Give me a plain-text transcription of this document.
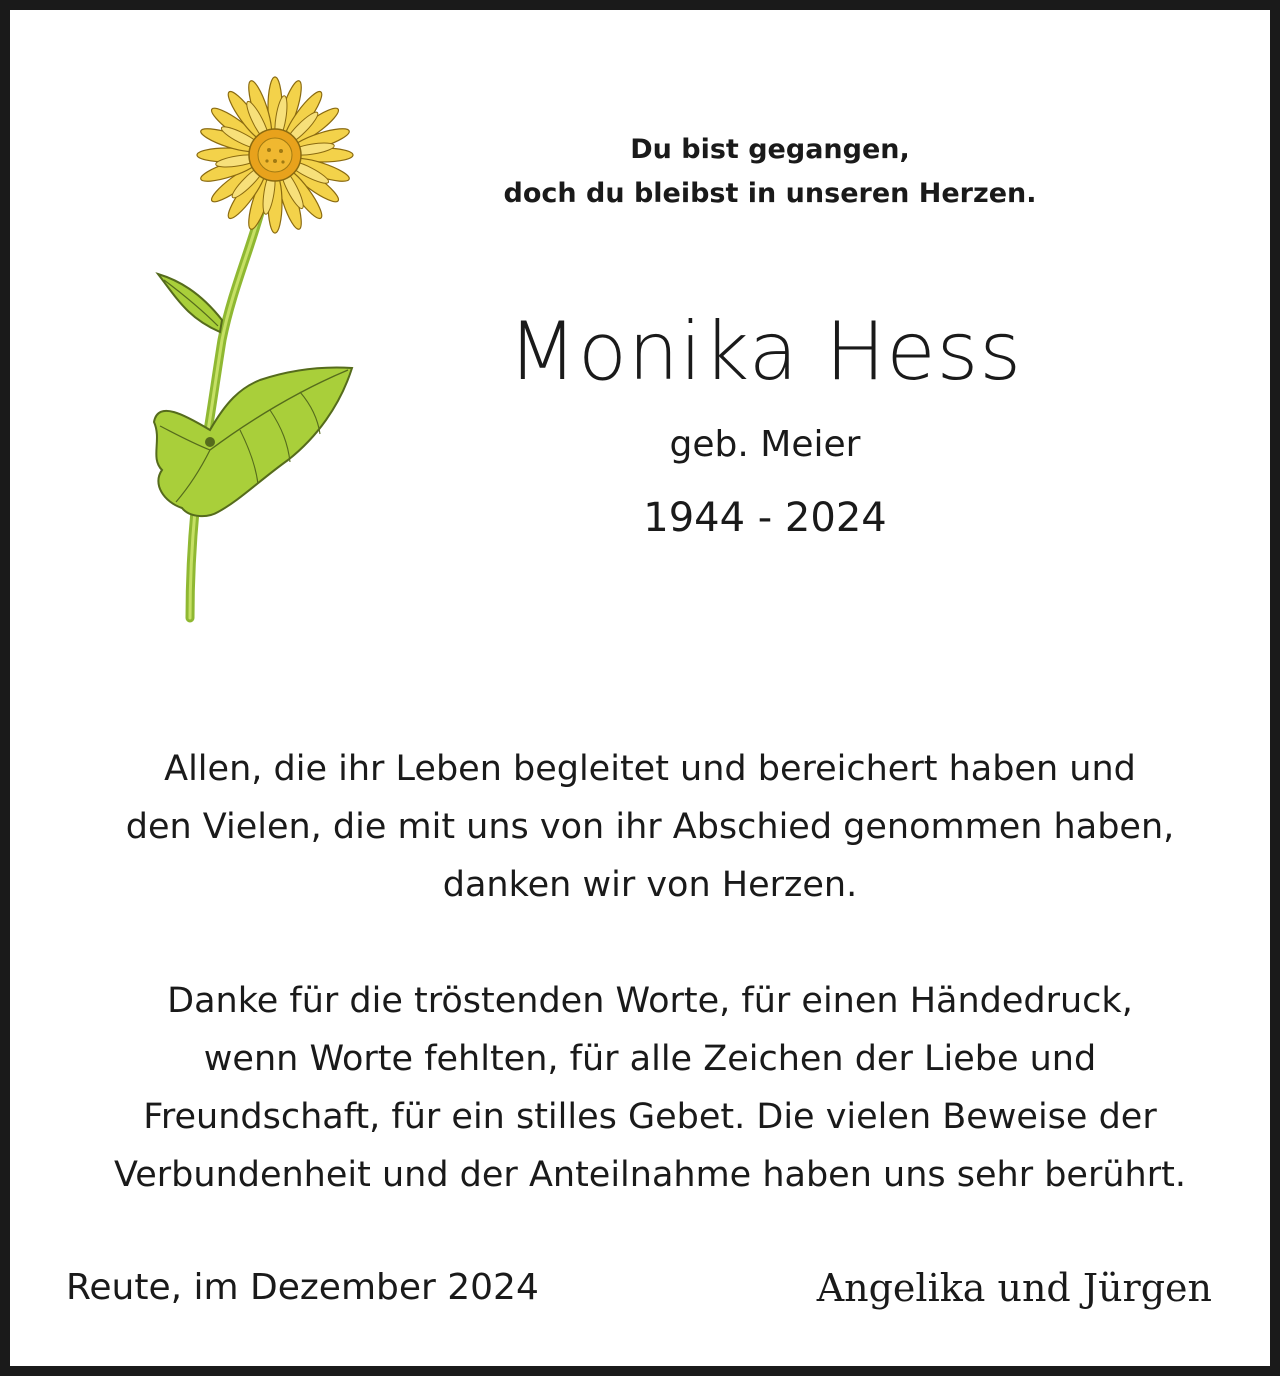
Du bist gegangen,
doch du bleibst in unseren Herzen.
Monika Hess
geb. Meier
1944 - 2024
Allen, die ihr Leben begleitet und bereichert haben und
den Vielen, die mit uns von ihr Abschied genommen haben,
danken wir von Herzen.
Danke für die tröstenden Worte, für einen Händedruck,
wenn Worte fehlten, für alle Zeichen der Liebe und
Freundschaft, für ein stilles Gebet. Die vielen Beweise der
Verbundenheit und der Anteilnahme haben uns sehr berührt.
Reute, im Dezember 2024	Angelika und Jürgen
